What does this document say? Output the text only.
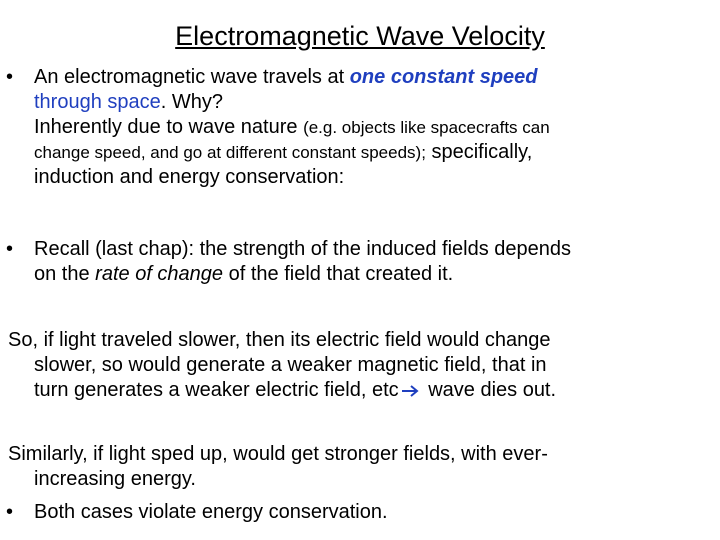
Electromagnetic Wave Velocity
•	An electromagnetic wave travels at one constant speed
through space. Why?
Inherently due to wave nature (e.g. objects like spacecrafts can
change speed, and go at different constant speeds); specifically,
induction and energy conservation:
•	Recall (last chap): the strength of the induced fields depends
on the rate of change of the field that created it.
So, if light traveled slower, then its electric field would change
slower, so would generate a weaker magnetic field, that in
turn generates a weaker electric field, etc wave dies out.
Similarly, if light sped up, would get stronger fields, with ever-
increasing energy.
•	Both cases violate energy conservation.
